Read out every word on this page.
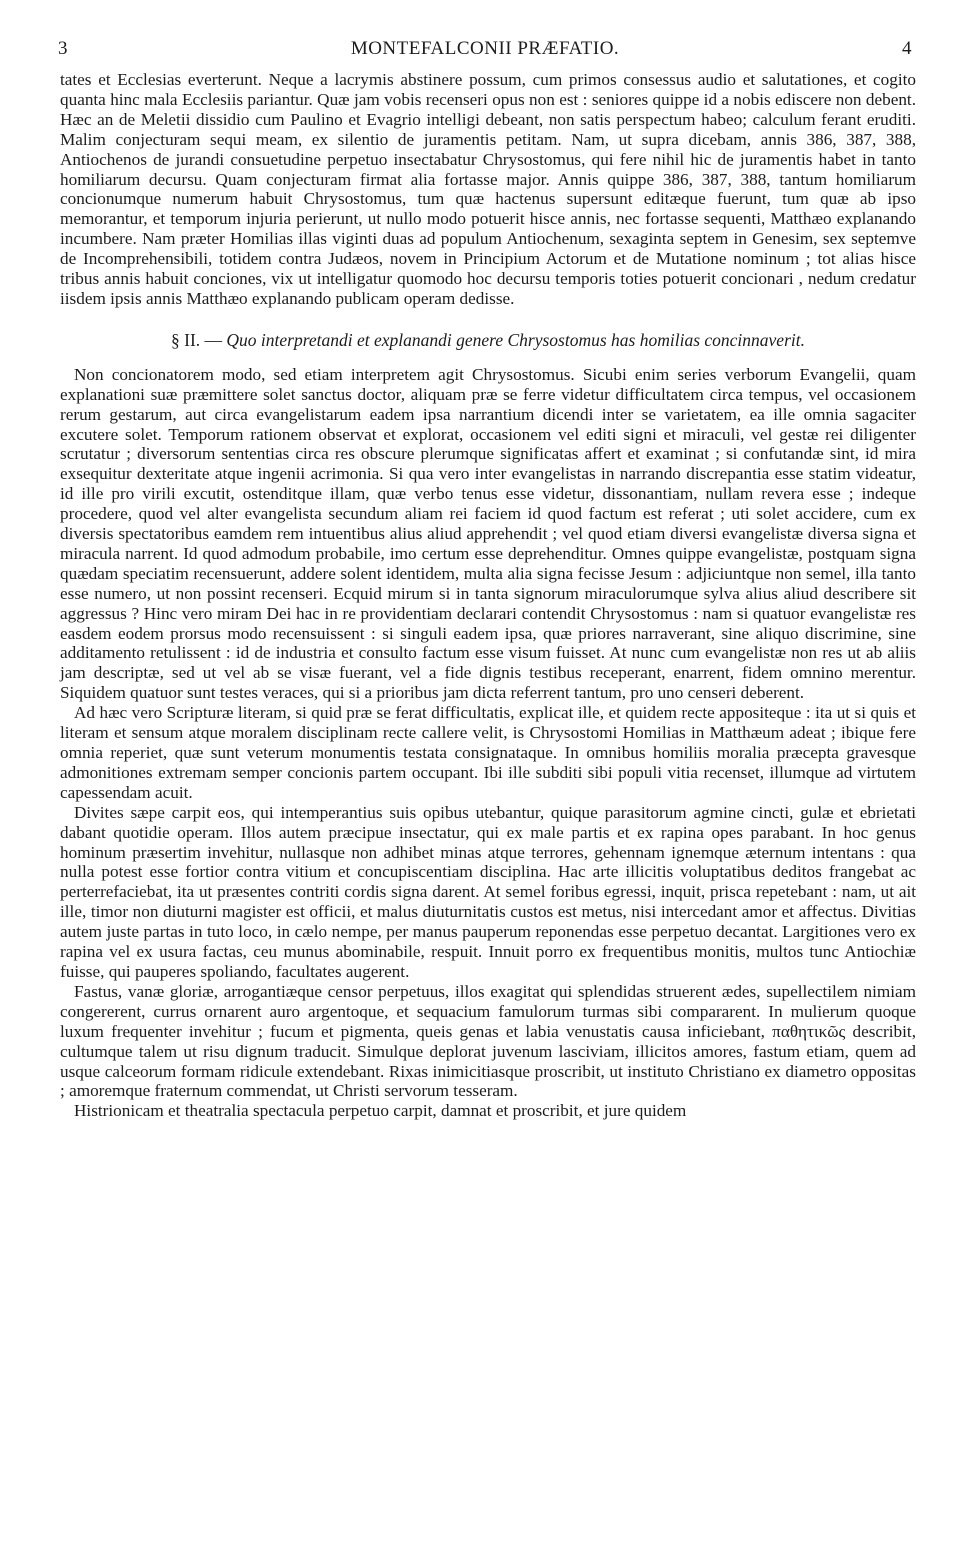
3	MONTEFALCONII PRÆFATIO.	4

tates et Ecclesias everterunt. Neque a lacrymis abstinere possum, cum primos consessus audio et salutationes, et cogito quanta hinc mala Ecclesiis pariantur. Quæ jam vobis recenseri opus non est : seniores quippe id a nobis ediscere non debent. Hæc an de Meletii dissidio cum Paulino et Evagrio intelligi debeant, non satis perspectum habeo; calculum ferant eruditi. Malim conjecturam sequi meam, ex silentio de juramentis petitam. Nam, ut supra dicebam, annis 386, 387, 388, Antiochenos de jurandi consuetudine perpetuo insectabatur Chrysostomus, qui fere nihil hic de juramentis habet in tanto homiliarum decursu. Quam conjecturam firmat alia fortasse major. Annis quippe 386, 387, 388, tantum homiliarum concionumque numerum habuit Chrysostomus, tum quæ hactenus supersunt editæque fuerunt, tum quæ ab ipso memorantur, et temporum injuria perierunt, ut nullo modo potuerit hisce annis, nec fortasse sequenti, Matthæo explanando incumbere. Nam præter Homilias illas viginti duas ad populum Antiochenum, sexaginta septem in Genesim, sex septemve de Incomprehensibili, totidem contra Judæos, novem in Principium Actorum et de Mutatione nominum ; tot alias hisce tribus annis habuit conciones, vix ut intelligatur quomodo hoc decursu temporis toties potuerit concionari , nedum credatur iisdem ipsis annis Matthæo explanando publicam operam dedisse.

§ II. — Quo interpretandi et explanandi genere Chrysostomus has homilias concinnaverit.

Non concionatorem modo, sed etiam interpretem agit Chrysostomus. Sicubi enim series verborum Evangelii, quam explanationi suæ præmittere solet sanctus doctor, aliquam præ se ferre videtur difficultatem circa tempus, vel occasionem rerum gestarum, aut circa evangelistarum eadem ipsa narrantium dicendi inter se varietatem, ea ille omnia sagaciter excutere solet. Temporum rationem observat et explorat, occasionem vel editi signi et miraculi, vel gestæ rei diligenter scrutatur ; diversorum sententias circa res obscure plerumque significatas affert et examinat ; si confutandæ sint, id mira exsequitur dexteritate atque ingenii acrimonia. Si qua vero inter evangelistas in narrando discrepantia esse statim videatur, id ille pro virili excutit, ostenditque illam, quæ verbo tenus esse videtur, dissonantiam, nullam revera esse ; indeque procedere, quod vel alter evangelista secundum aliam rei faciem id quod factum est referat ; uti solet accidere, cum ex diversis spectatoribus eamdem rem intuentibus alius aliud apprehendit ; vel quod etiam diversi evangelistæ diversa signa et miracula narrent. Id quod admodum probabile, imo certum esse deprehenditur. Omnes quippe evangelistæ, postquam signa quædam speciatim recensuerunt, addere solent identidem, multa alia signa fecisse Jesum : adjiciuntque non semel, illa tanto esse numero, ut non possint recenseri. Ecquid mirum si in tanta signorum miraculorumque sylva alius aliud describere sit aggressus ? Hinc vero miram Dei hac in re providentiam declarari contendit Chrysostomus : nam si quatuor evangelistæ res easdem eodem prorsus modo recensuissent : si singuli eadem ipsa, quæ priores narraverant, sine aliquo discrimine, sine additamento retulissent : id de industria et consulto factum esse visum fuisset. At nunc cum evangelistæ non res ut ab aliis jam descriptæ, sed ut vel ab se visæ fuerant, vel a fide dignis testibus receperant, enarrent, fidem omnino merentur. Siquidem quatuor sunt testes veraces, qui si a prioribus jam dicta referrent tantum, pro uno censeri deberent.

Ad hæc vero Scripturæ literam, si quid præ se ferat difficultatis, explicat ille, et quidem recte appositeque : ita ut si quis et literam et sensum atque moralem disciplinam recte callere velit, is Chrysostomi Homilias in Matthæum adeat ; ibique fere omnia reperiet, quæ sunt veterum monumentis testata consignataque. In omnibus homiliis moralia præcepta gravesque admonitiones extremam semper concionis partem occupant. Ibi ille subditi sibi populi vitia recenset, illumque ad virtutem capessendam acuit.

Divites sæpe carpit eos, qui intemperantius suis opibus utebantur, quique parasitorum agmine cincti, gulæ et ebrietati dabant quotidie operam. Illos autem præcipue insectatur, qui ex male partis et ex rapina opes parabant. In hoc genus hominum præsertim invehitur, nullasque non adhibet minas atque terrores, gehennam ignemque æternum intentans : qua nulla potest esse fortior contra vitium et concupiscentiam disciplina. Hac arte illicitis voluptatibus deditos frangebat ac perterrefaciebat, ita ut præsentes contriti cordis signa darent. At semel foribus egressi, inquit, prisca repetebant : nam, ut ait ille, timor non diuturni magister est officii, et malus diuturnitatis custos est metus, nisi intercedant amor et affectus. Divitias autem juste partas in tuto loco, in cælo nempe, per manus pauperum reponendas esse perpetuo decantat. Largitiones vero ex rapina vel ex usura factas, ceu munus abominabile, respuit. Innuit porro ex frequentibus monitis, multos tunc Antiochiæ fuisse, qui pauperes spoliando, facultates augerent.

Fastus, vanæ gloriæ, arrogantiæque censor perpetuus, illos exagitat qui splendidas struerent ædes, supellectilem nimiam congererent, currus ornarent auro argentoque, et sequacium famulorum turmas sibi compararent. In mulierum quoque luxum frequenter invehitur ; fucum et pigmenta, queis genas et labia venustatis causa inficiebant, παθητικῶς describit, cultumque talem ut risu dignum traducit. Simulque deplorat juvenum lasciviam, illicitos amores, fastum etiam, quem ad usque calceorum formam ridicule extendebant. Rixas inimicitiasque proscribit, ut instituto Christiano ex diametro oppositas ; amoremque fraternum commendat, ut Christi servorum tesseram.

Histrionicam et theatralia spectacula perpetuo carpit, damnat et proscribit, et jure quidem
